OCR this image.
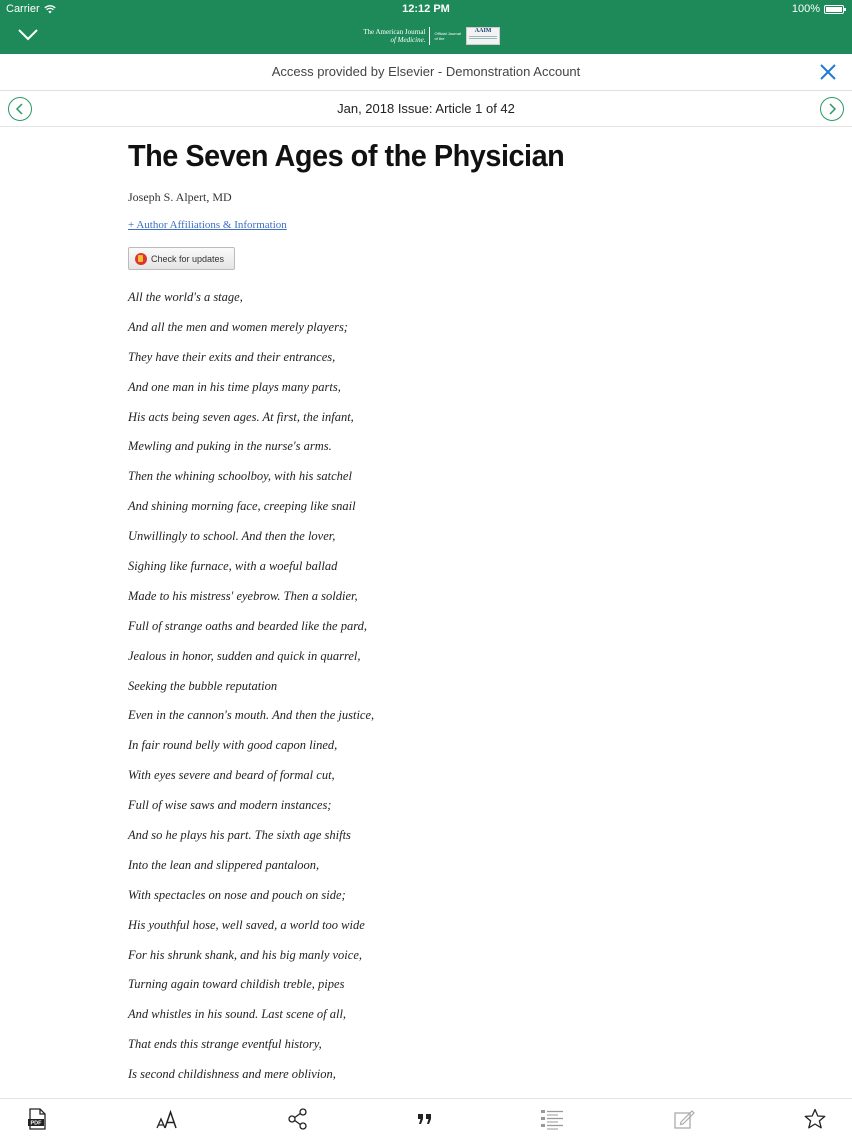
Carrier	12:12 PM	100%
The American Journal
of Medicine.
Official Journal of the
AAIM
Access provided by Elsevier - Demonstration Account
Jan, 2018 Issue: Article 1 of 42
The Seven Ages of the Physician
Joseph S. Alpert, MD
+ Author Affiliations & Information
Check for updates
All the world's a stage,
And all the men and women merely players;
They have their exits and their entrances,
And one man in his time plays many parts,
His acts being seven ages. At first, the infant,
Mewling and puking in the nurse's arms.
Then the whining schoolboy, with his satchel
And shining morning face, creeping like snail
Unwillingly to school. And then the lover,
Sighing like furnace, with a woeful ballad
Made to his mistress' eyebrow. Then a soldier,
Full of strange oaths and bearded like the pard,
Jealous in honor, sudden and quick in quarrel,
Seeking the bubble reputation
Even in the cannon's mouth. And then the justice,
In fair round belly with good capon lined,
With eyes severe and beard of formal cut,
Full of wise saws and modern instances;
And so he plays his part. The sixth age shifts
Into the lean and slippered pantaloon,
With spectacles on nose and pouch on side;
His youthful hose, well saved, a world too wide
For his shrunk shank, and his big manly voice,
Turning again toward childish treble, pipes
And whistles in his sound. Last scene of all,
That ends this strange eventful history,
Is second childishness and mere oblivion,
PDF
